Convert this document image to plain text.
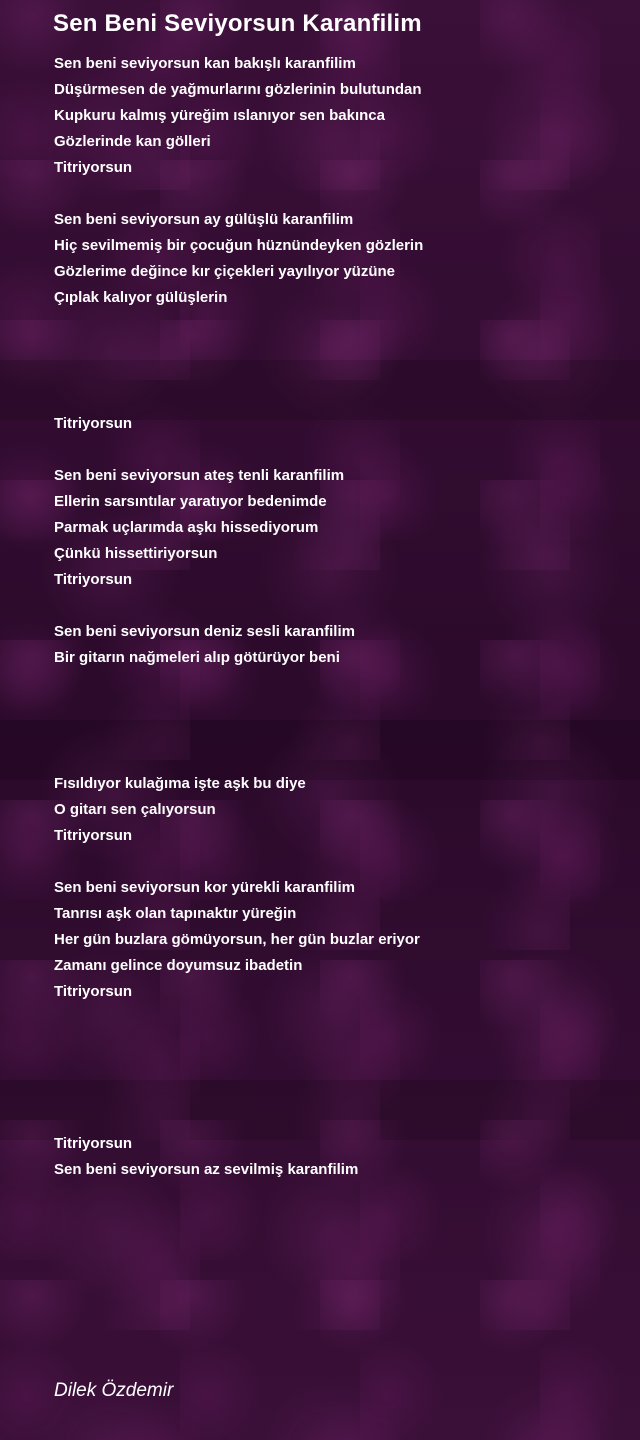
Sen Beni Seviyorsun Karanfilim
Sen beni seviyorsun kan bakışlı karanfilim
Düşürmesen de yağmurlarını gözlerinin bulutundan
Kupkuru kalmış yüreğim ıslanıyor sen bakınca
Gözlerinde kan gölleri
Titriyorsun
Sen beni seviyorsun ay gülüşlü karanfilim
Hiç sevilmemiş bir çocuğun hüznündeyken gözlerin
Gözlerime değince kır çiçekleri yayılıyor yüzüne
Çıplak kalıyor gülüşlerin
Titriyorsun
Sen beni seviyorsun ateş tenli karanfilim
Ellerin sarsıntılar yaratıyor bedenimde
Parmak uçlarımda aşkı hissediyorum
Çünkü hissettiriyorsun
Titriyorsun
Sen beni seviyorsun deniz sesli karanfilim
Bir gitarın nağmeleri alıp götürüyor beni
Fısıldıyor kulağıma işte aşk bu diye
O gitarı sen çalıyorsun
Titriyorsun
Sen beni seviyorsun kor yürekli karanfilim
Tanrısı aşk olan tapınaktır yüreğin
Her gün buzlara gömüyorsun, her gün buzlar eriyor
Zamanı gelince doyumsuz ibadetin
Titriyorsun
Titriyorsun
Sen beni seviyorsun az sevilmiş karanfilim
Dilek Özdemir
